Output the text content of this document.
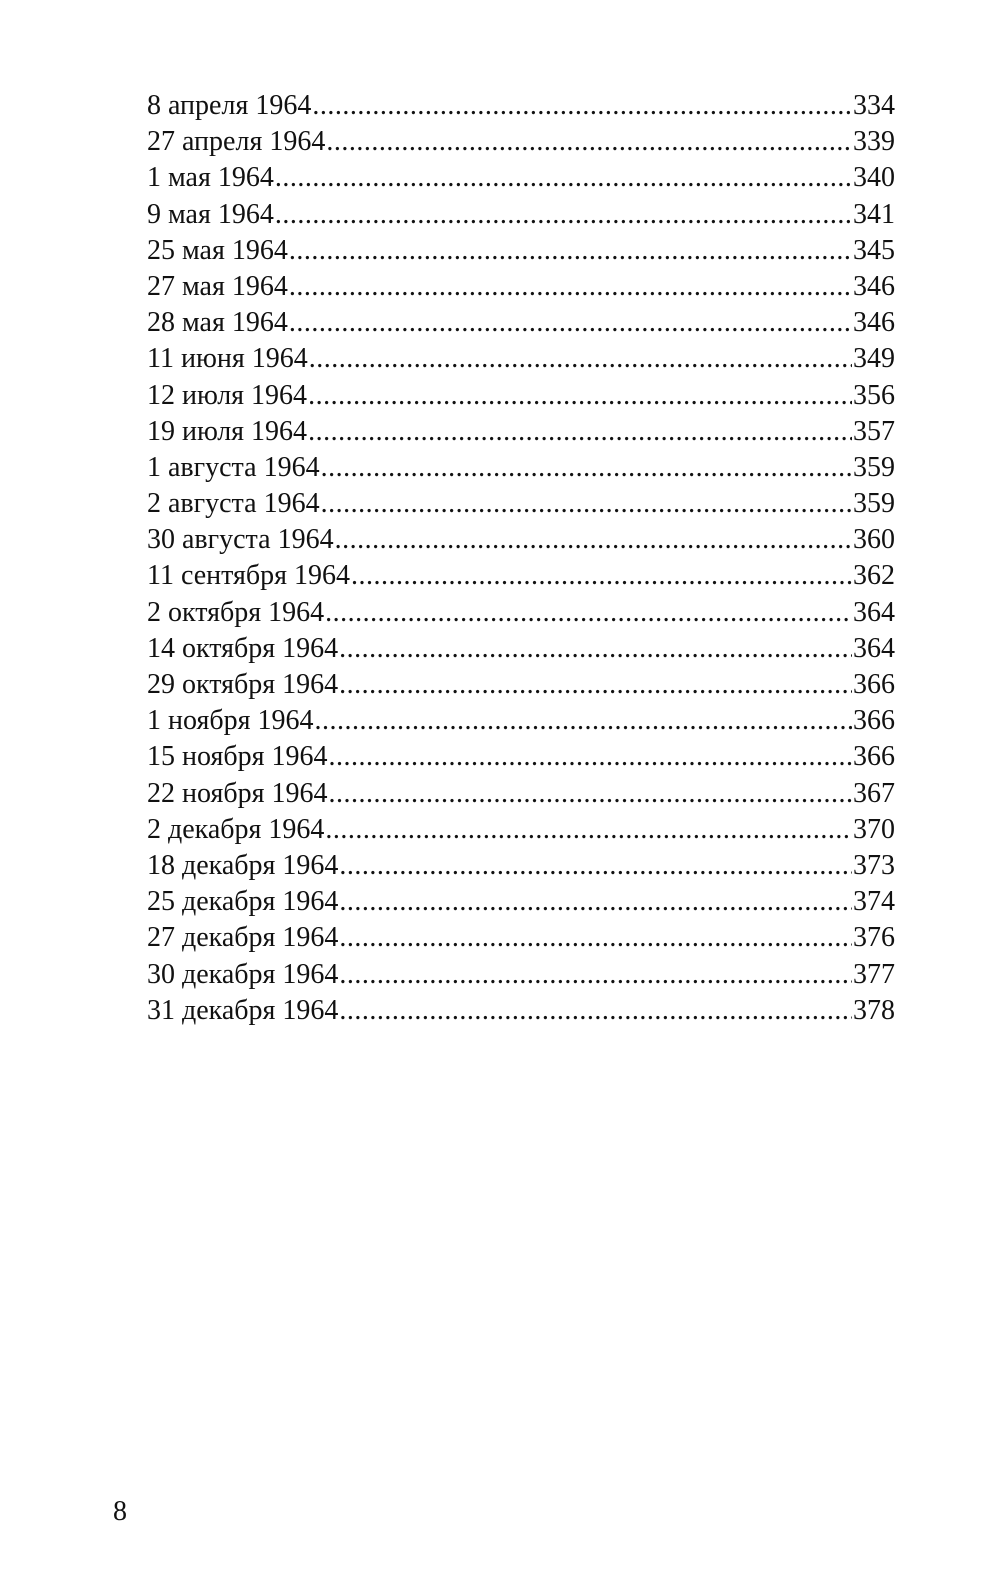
8 апреля 1964 .....	334
27 апреля 1964 .....	339
1 мая 1964 .....	340
9 мая 1964 .....	341
25 мая 1964 .....	345
27 мая 1964 .....	346
28 мая 1964 .....	346
11 июня 1964 .....	349
12 июля 1964 .....	356
19 июля 1964 .....	357
1 августа 1964 .....	359
2 августа 1964 .....	359
30 августа 1964 .....	360
11 сентября 1964 .....	362
2 октября 1964 .....	364
14 октября 1964 .....	364
29 октября 1964 .....	366
1 ноября 1964 .....	366
15 ноября 1964 .....	366
22 ноября 1964 .....	367
2 декабря 1964 .....	370
18 декабря 1964 .....	373
25 декабря 1964 .....	374
27 декабря 1964 .....	376
30 декабря 1964 .....	377
31 декабря 1964 .....	378
8
